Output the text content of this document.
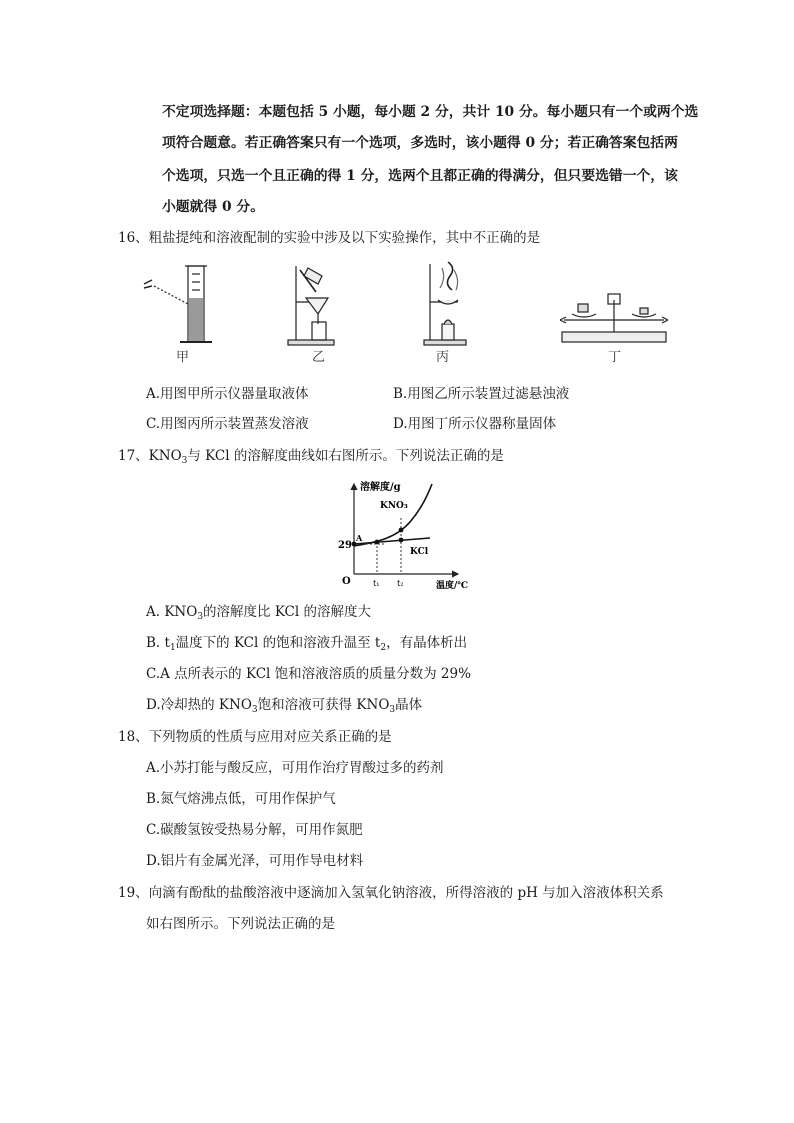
不定项选择题：本题包括 5 小题，每小题 2 分，共计 10 分。每小题只有一个或两个选
项符合题意。若正确答案只有一个选项，多选时，该小题得 0 分；若正确答案包括两
个选项，只选一个且正确的得 1 分，选两个且都正确的得满分，但只要选错一个，该
小题就得 0 分。
16、粗盐提纯和溶液配制的实验中涉及以下实验操作，其中不正确的是
甲	乙	丙	丁
A.用图甲所示仪器量取液体	B.用图乙所示装置过滤悬浊液
C.用图丙所示装置蒸发溶液	D.用图丁所示仪器称量固体
17、$KNO_3$与 KCl 的溶解度曲线如右图所示。下列说法正确的是
溶解度/g
温度/℃
KNO₃
KCl
29
A
O	t₁ t₂
A. $KNO_3$的溶解度比 KCl 的溶解度大
B. $t_1$温度下的 KCl 的饱和溶液升温至 $t_2$，有晶体析出
C.A 点所表示的 KCl 饱和溶液溶质的质量分数为 29%
D.冷却热的 $KNO_3$饱和溶液可获得 $KNO_3$晶体
18、下列物质的性质与应用对应关系正确的是
A.小苏打能与酸反应，可用作治疗胃酸过多的药剂
B.氮气熔沸点低，可用作保护气
C.碳酸氢铵受热易分解，可用作氮肥
D.铝片有金属光泽，可用作导电材料
19、向滴有酚酞的盐酸溶液中逐滴加入氢氧化钠溶液，所得溶液的 pH 与加入溶液体积关系
如右图所示。下列说法正确的是
